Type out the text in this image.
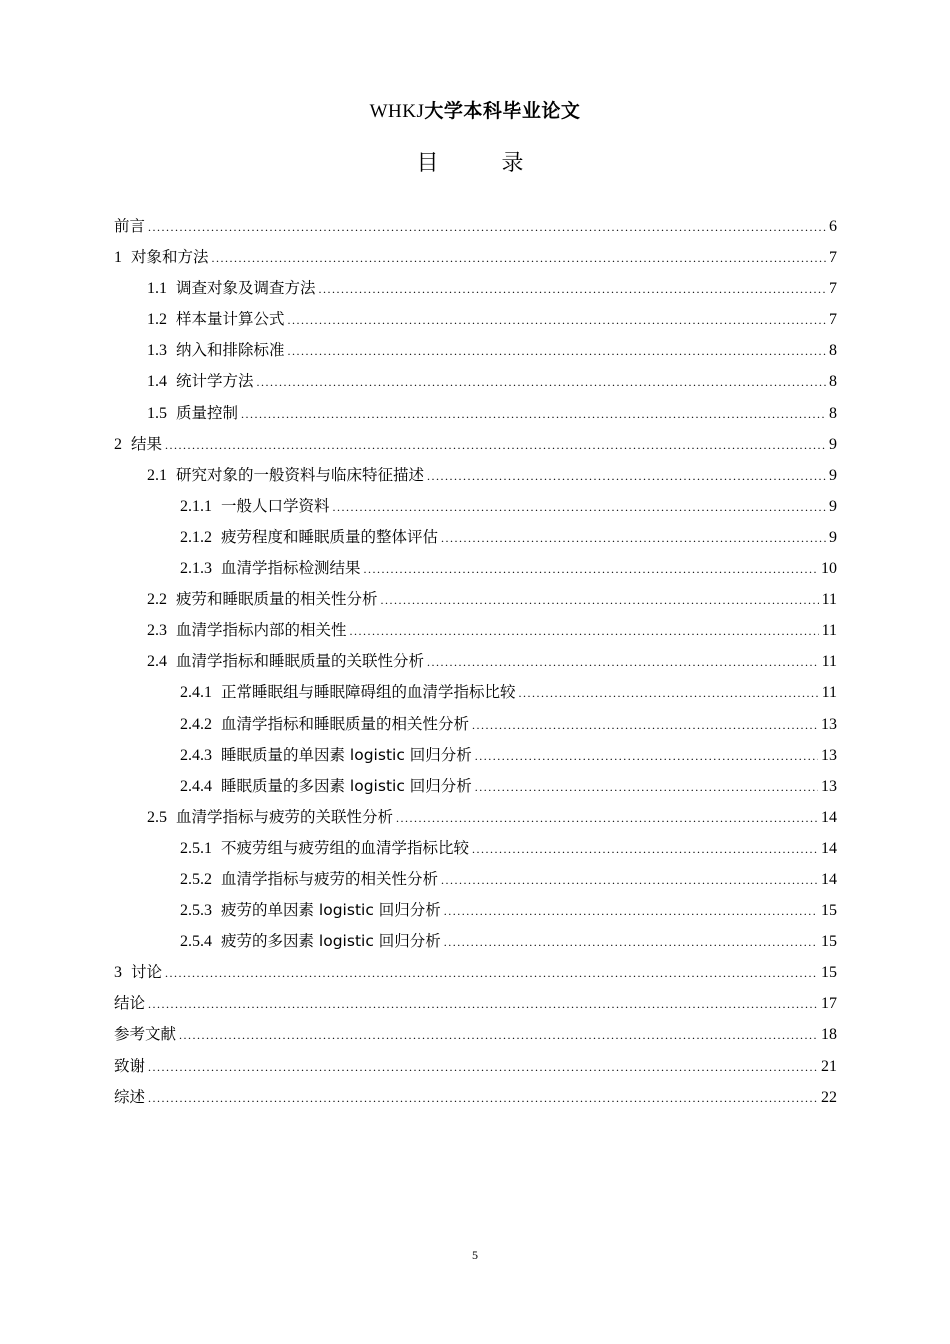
WHKJ大学本科毕业论文
目 录
前言 .....	6
1 对象和方法 .....	7
1.1 调查对象及调查方法 .....	7
1.2 样本量计算公式 .....	7
1.3 纳入和排除标准 .....	8
1.4 统计学方法 .....	8
1.5 质量控制 .....	8
2 结果 .....	9
2.1 研究对象的一般资料与临床特征描述 .....	9
2.1.1 一般人口学资料 .....	9
2.1.2 疲劳程度和睡眠质量的整体评估 .....	9
2.1.3 血清学指标检测结果 .....	10
2.2 疲劳和睡眠质量的相关性分析 .....	11
2.3 血清学指标内部的相关性 .....	11
2.4 血清学指标和睡眠质量的关联性分析 .....	11
2.4.1 正常睡眠组与睡眠障碍组的血清学指标比较 .....	11
2.4.2 血清学指标和睡眠质量的相关性分析 .....	13
2.4.3 睡眠质量的单因素 logistic 回归分析 .....	13
2.4.4 睡眠质量的多因素 logistic 回归分析 .....	13
2.5 血清学指标与疲劳的关联性分析 .....	14
2.5.1 不疲劳组与疲劳组的血清学指标比较 .....	14
2.5.2 血清学指标与疲劳的相关性分析 .....	14
2.5.3 疲劳的单因素 logistic 回归分析 .....	15
2.5.4 疲劳的多因素 logistic 回归分析 .....	15
3 讨论 .....	15
结论 .....	17
参考文献 .....	18
致谢 .....	21
综述 .....	22
5
